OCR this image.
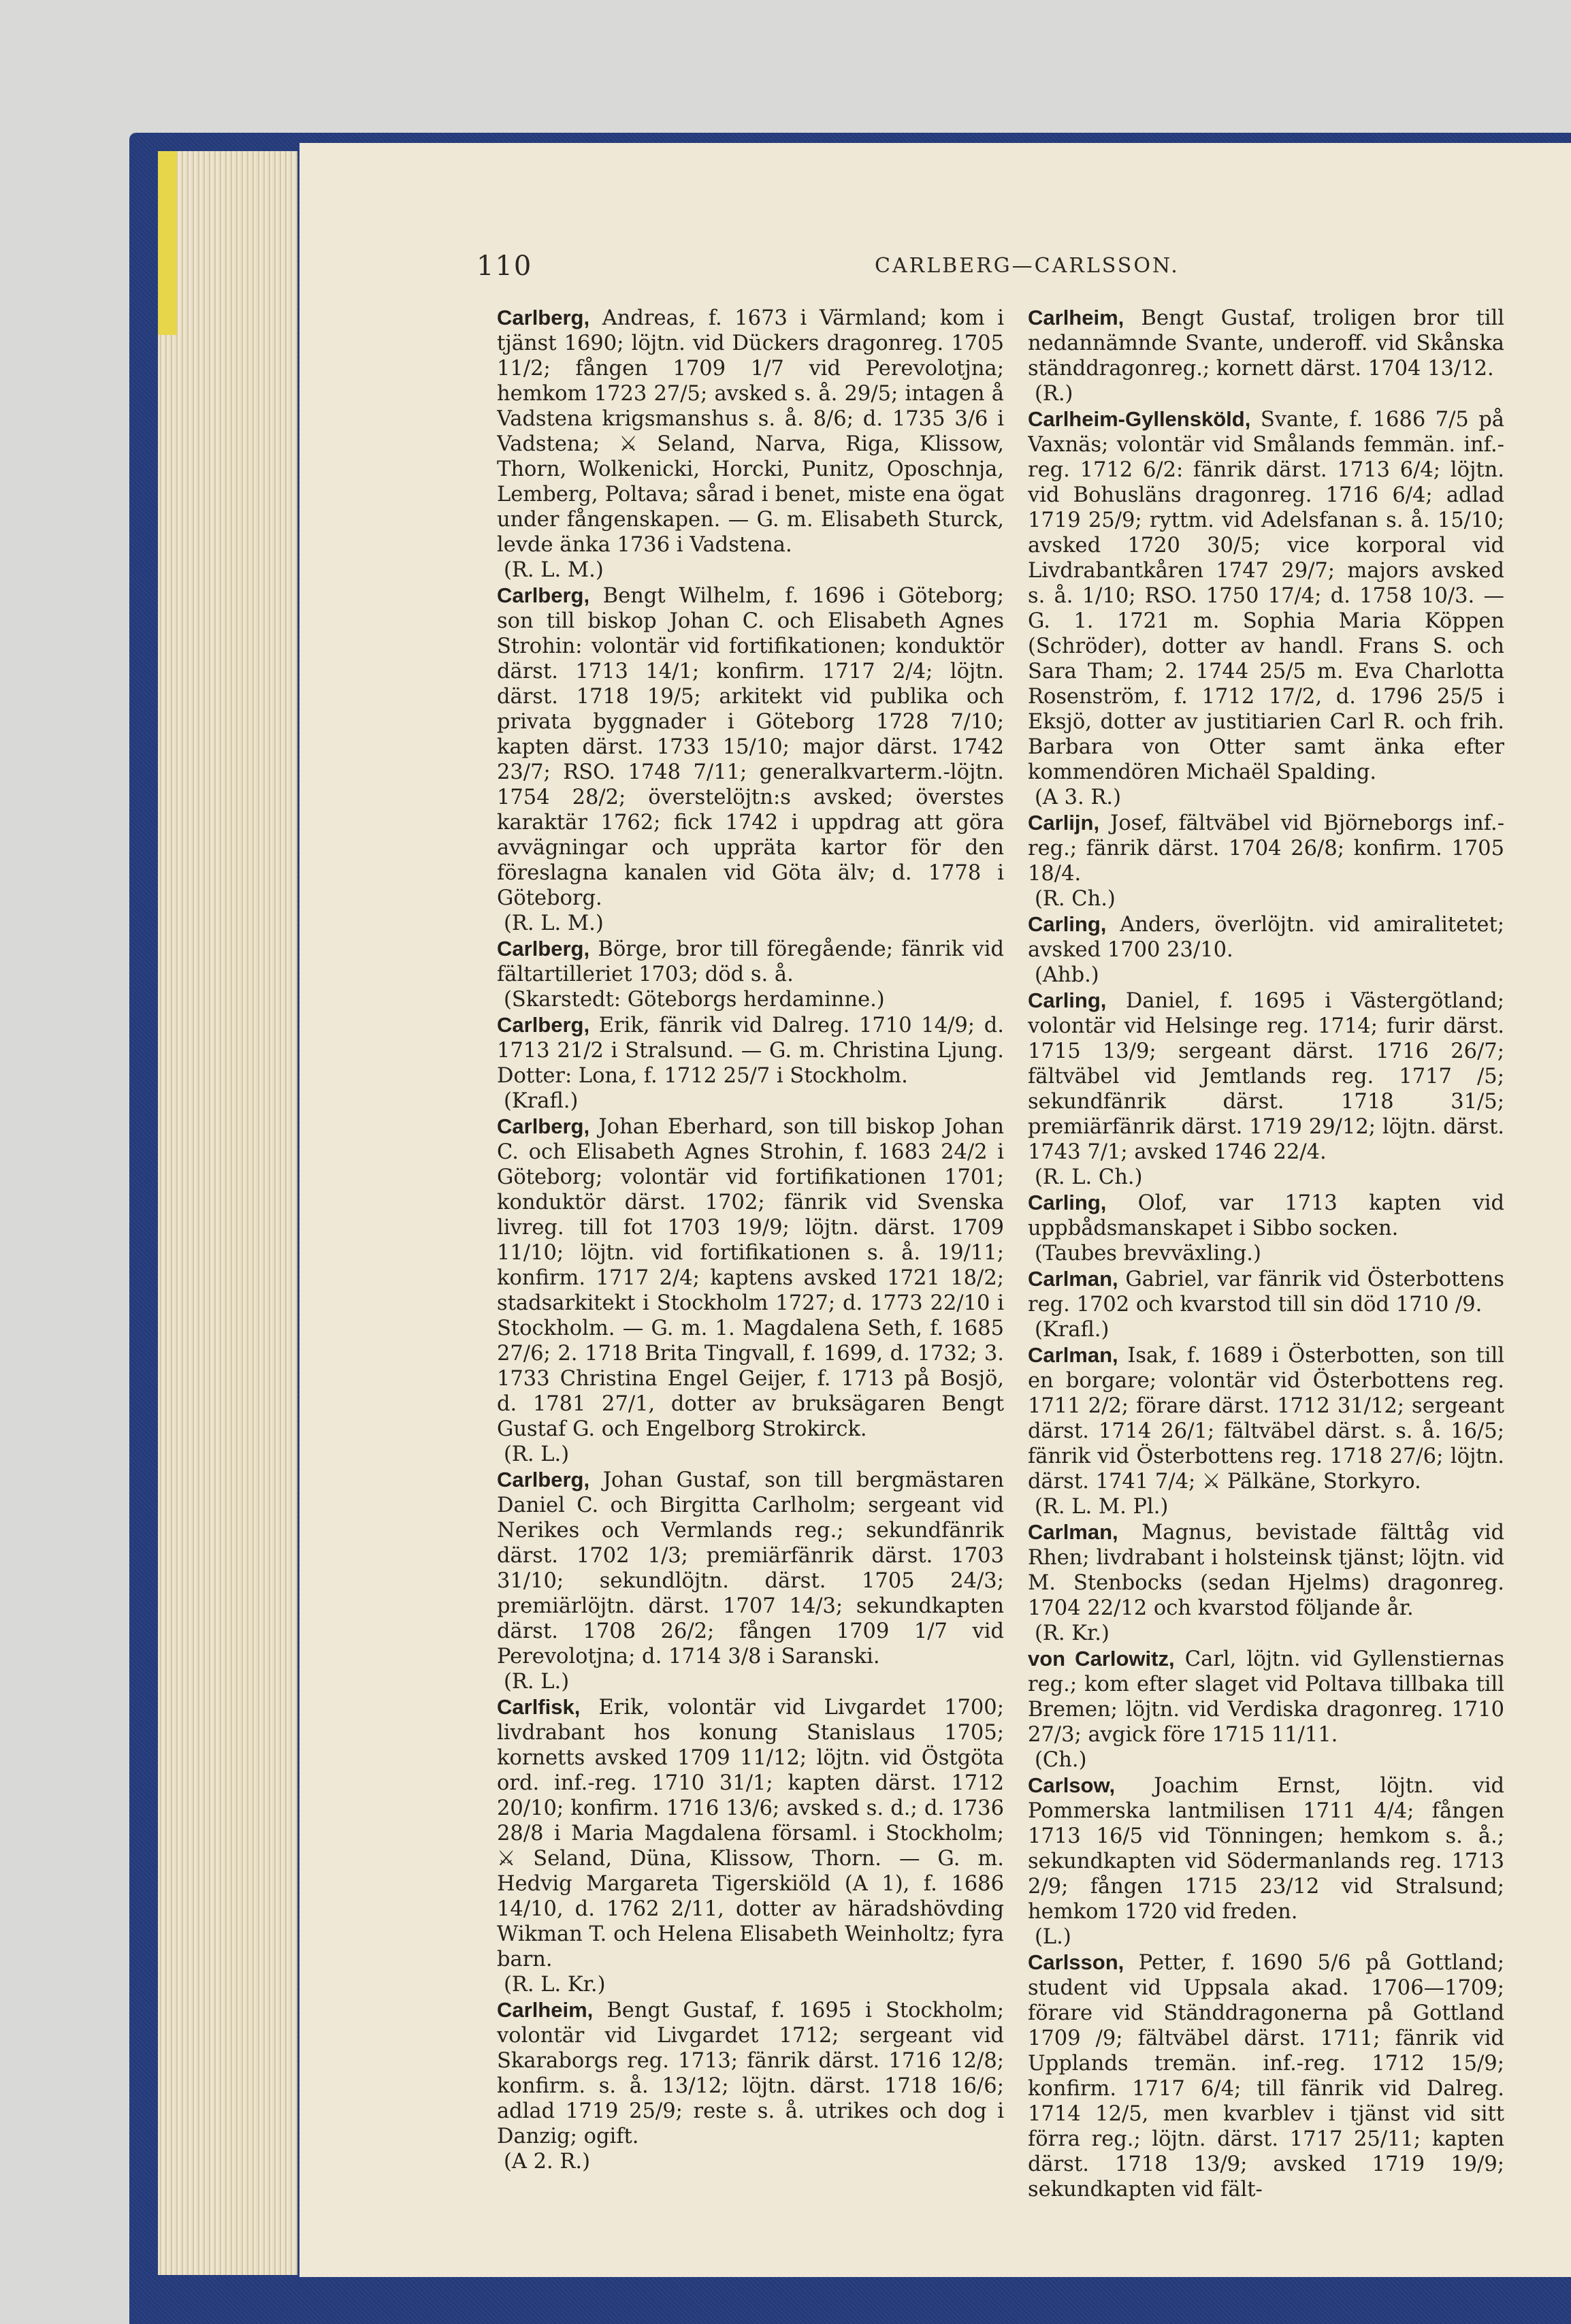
110	CARLBERG—CARLSSON.

Carlberg, Andreas, f. 1673 i Värmland; kom i tjänst 1690; löjtn. vid Dückers dragonreg. 1705 11/2; fången 1709 1/7 vid Perevolotjna; hemkom 1723 27/5; avsked s. å. 29/5; intagen å Vadstena krigsmanshus s. å. 8/6; d. 1735 3/6 i Vadstena; ⚔ Seland, Narva, Riga, Klissow, Thorn, Wolkenicki, Horcki, Punitz, Oposchnja, Lemberg, Poltava; sårad i benet, miste ena ögat under fångenskapen. — G. m. Elisabeth Sturck, levde änka 1736 i Vadstena.
(R. L. M.)

Carlberg, Bengt Wilhelm, f. 1696 i Göteborg; son till biskop Johan C. och Elisabeth Agnes Strohin: volontär vid fortifikationen; konduktör därst. 1713 14/1; konfirm. 1717 2/4; löjtn. därst. 1718 19/5; arkitekt vid publika och privata byggnader i Göteborg 1728 7/10; kapten därst. 1733 15/10; major därst. 1742 23/7; RSO. 1748 7/11; generalkvarterm.-löjtn. 1754 28/2; överstelöjtn:s avsked; överstes karaktär 1762; fick 1742 i uppdrag att göra avvägningar och uppräta kartor för den föreslagna kanalen vid Göta älv; d. 1778 i Göteborg.
(R. L. M.)

Carlberg, Börge, bror till föregående; fänrik vid fältartilleriet 1703; död s. å.
(Skarstedt: Göteborgs herdaminne.)

Carlberg, Erik, fänrik vid Dalreg. 1710 14/9; d. 1713 21/2 i Stralsund. — G. m. Christina Ljung. Dotter: Lona, f. 1712 25/7 i Stockholm.
(Krafl.)

Carlberg, Johan Eberhard, son till biskop Johan C. och Elisabeth Agnes Strohin, f. 1683 24/2 i Göteborg; volontär vid fortifikationen 1701; konduktör därst. 1702; fänrik vid Svenska livreg. till fot 1703 19/9; löjtn. därst. 1709 11/10; löjtn. vid fortifikationen s. å. 19/11; konfirm. 1717 2/4; kaptens avsked 1721 18/2; stadsarkitekt i Stockholm 1727; d. 1773 22/10 i Stockholm. — G. m. 1. Magdalena Seth, f. 1685 27/6; 2. 1718 Brita Tingvall, f. 1699, d. 1732; 3. 1733 Christina Engel Geijer, f. 1713 på Bosjö, d. 1781 27/1, dotter av bruksägaren Bengt Gustaf G. och Engelborg Strokirck.
(R. L.)

Carlberg, Johan Gustaf, son till bergmästaren Daniel C. och Birgitta Carlholm; sergeant vid Nerikes och Vermlands reg.; sekundfänrik därst. 1702 1/3; premiärfänrik därst. 1703 31/10; sekundlöjtn. därst. 1705 24/3; premiärlöjtn. därst. 1707 14/3; sekundkapten därst. 1708 26/2; fången 1709 1/7 vid Perevolotjna; d. 1714 3/8 i Saranski.
(R. L.)

Carlfisk, Erik, volontär vid Livgardet 1700; livdrabant hos konung Stanislaus 1705; kornetts avsked 1709 11/12; löjtn. vid Östgöta ord. inf.-reg. 1710 31/1; kapten därst. 1712 20/10; konfirm. 1716 13/6; avsked s. d.; d. 1736 28/8 i Maria Magdalena församl. i Stockholm; ⚔ Seland, Düna, Klissow, Thorn. — G. m. Hedvig Margareta Tigerskiöld (A 1), f. 1686 14/10, d. 1762 2/11, dotter av häradshövding Wikman T. och Helena Elisabeth Weinholtz; fyra barn.
(R. L. Kr.)

Carlheim, Bengt Gustaf, f. 1695 i Stockholm; volontär vid Livgardet 1712; sergeant vid Skaraborgs reg. 1713; fänrik därst. 1716 12/8; konfirm. s. å. 13/12; löjtn. därst. 1718 16/6; adlad 1719 25/9; reste s. å. utrikes och dog i Danzig; ogift.
(A 2. R.)

Carlheim, Bengt Gustaf, troligen bror till nedannämnde Svante, underoff. vid Skånska ständdragonreg.; kornett därst. 1704 13/12.
(R.)

Carlheim-Gyllensköld, Svante, f. 1686 7/5 på Vaxnäs; volontär vid Smålands femmän. inf.-reg. 1712 6/2: fänrik därst. 1713 6/4; löjtn. vid Bohusläns dragonreg. 1716 6/4; adlad 1719 25/9; ryttm. vid Adelsfanan s. å. 15/10; avsked 1720 30/5; vice korporal vid Livdrabantkåren 1747 29/7; majors avsked s. å. 1/10; RSO. 1750 17/4; d. 1758 10/3. — G. 1. 1721 m. Sophia Maria Köppen (Schröder), dotter av handl. Frans S. och Sara Tham; 2. 1744 25/5 m. Eva Charlotta Rosenström, f. 1712 17/2, d. 1796 25/5 i Eksjö, dotter av justitiarien Carl R. och frih. Barbara von Otter samt änka efter kommendören Michaël Spalding.
(A 3. R.)

Carlijn, Josef, fältväbel vid Björneborgs inf.-reg.; fänrik därst. 1704 26/8; konfirm. 1705 18/4.
(R. Ch.)

Carling, Anders, överlöjtn. vid amiralitetet; avsked 1700 23/10.
(Ahb.)

Carling, Daniel, f. 1695 i Västergötland; volontär vid Helsinge reg. 1714; furir därst. 1715 13/9; sergeant därst. 1716 26/7; fältväbel vid Jemtlands reg. 1717 /5; sekundfänrik därst. 1718 31/5; premiärfänrik därst. 1719 29/12; löjtn. därst. 1743 7/1; avsked 1746 22/4.
(R. L. Ch.)

Carling, Olof, var 1713 kapten vid uppbådsmanskapet i Sibbo socken.
(Taubes brevväxling.)

Carlman, Gabriel, var fänrik vid Österbottens reg. 1702 och kvarstod till sin död 1710 /9.
(Krafl.)

Carlman, Isak, f. 1689 i Österbotten, son till en borgare; volontär vid Österbottens reg. 1711 2/2; förare därst. 1712 31/12; sergeant därst. 1714 26/1; fältväbel därst. s. å. 16/5; fänrik vid Österbottens reg. 1718 27/6; löjtn. därst. 1741 7/4; ⚔ Pälkäne, Storkyro.
(R. L. M. Pl.)

Carlman, Magnus, bevistade fälttåg vid Rhen; livdrabant i holsteinsk tjänst; löjtn. vid M. Stenbocks (sedan Hjelms) dragonreg. 1704 22/12 och kvarstod följande år.
(R. Kr.)

von Carlowitz, Carl, löjtn. vid Gyllenstiernas reg.; kom efter slaget vid Poltava tillbaka till Bremen; löjtn. vid Verdiska dragonreg. 1710 27/3; avgick före 1715 11/11.
(Ch.)

Carlsow, Joachim Ernst, löjtn. vid Pommerska lantmilisen 1711 4/4; fången 1713 16/5 vid Tönningen; hemkom s. å.; sekundkapten vid Södermanlands reg. 1713 2/9; fången 1715 23/12 vid Stralsund; hemkom 1720 vid freden.
(L.)

Carlsson, Petter, f. 1690 5/6 på Gottland; student vid Uppsala akad. 1706—1709; förare vid Ständdragonerna på Gottland 1709 /9; fältväbel därst. 1711; fänrik vid Upplands tremän. inf.-reg. 1712 15/9; konfirm. 1717 6/4; till fänrik vid Dalreg. 1714 12/5, men kvarblev i tjänst vid sitt förra reg.; löjtn. därst. 1717 25/11; kapten därst. 1718 13/9; avsked 1719 19/9; sekundkapten vid fält-
